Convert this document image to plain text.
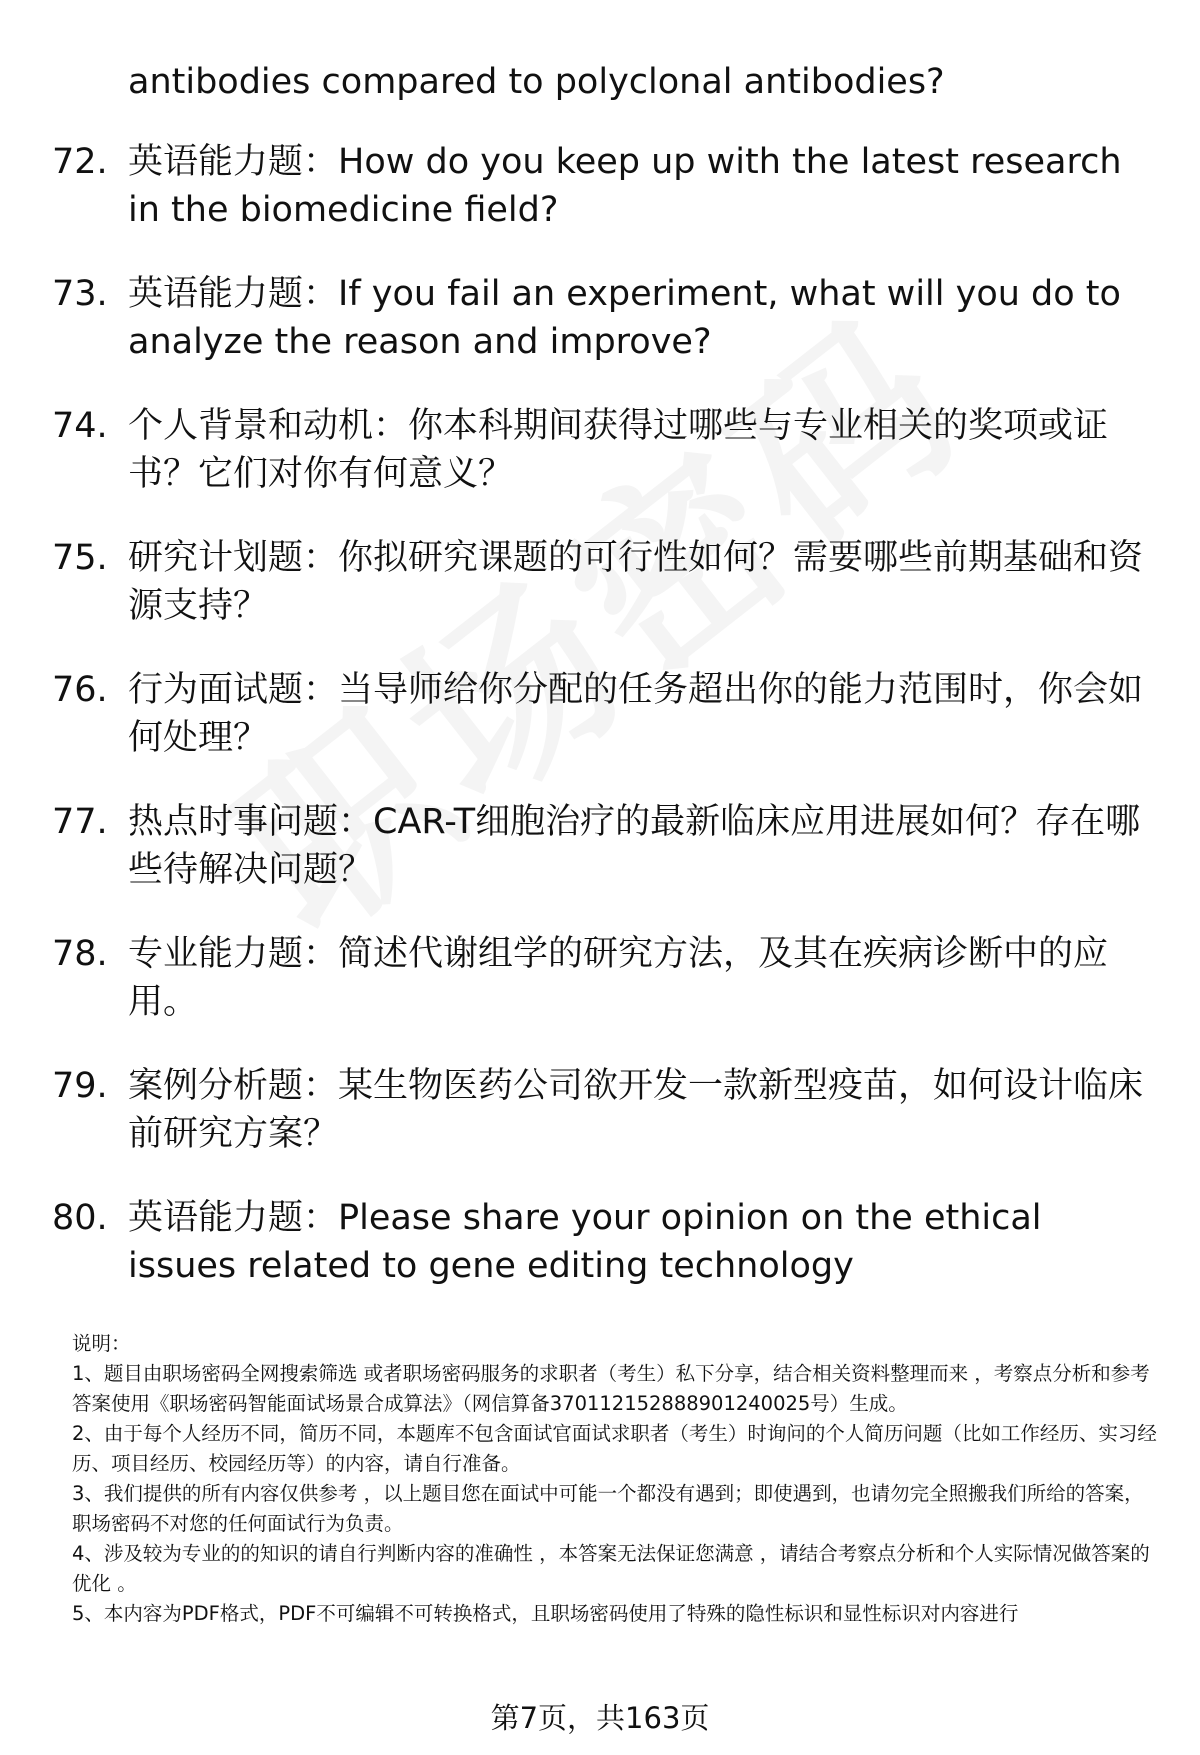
antibodies compared to polyclonal antibodies?
72. 英语能力题：How do you keep up with the latest research in the biomedicine field?
73. 英语能力题：If you fail an experiment, what will you do to analyze the reason and improve?
74. 个人背景和动机：你本科期间获得过哪些与专业相关的奖项或证书？它们对你有何意义？
75. 研究计划题：你拟研究课题的可行性如何？需要哪些前期基础和资源支持？
76. 行为面试题：当导师给你分配的任务超出你的能力范围时，你会如何处理？
77. 热点时事问题：CAR-T细胞治疗的最新临床应用进展如何？存在哪些待解决问题？
78. 专业能力题：简述代谢组学的研究方法，及其在疾病诊断中的应用。
79. 案例分析题：某生物医药公司欲开发一款新型疫苗，如何设计临床前研究方案？
80. 英语能力题：Please share your opinion on the ethical issues related to gene editing technology

说明：

1、题目由职场密码全网搜索筛选 或者职场密码服务的求职者（考生）私下分享，结合相关资料整理而来 ，考察点分析和参考答案使用《职场密码智能面试场景合成算法》（网信算备370112152888901240025号）生成。

2、由于每个人经历不同，简历不同，本题库不包含面试官面试求职者（考生）时询问的个人简历问题（比如工作经历、实习经历、项目经历、校园经历等）的内容，请自行准备。

3、我们提供的所有内容仅供参考 ，以上题目您在面试中可能一个都没有遇到；即使遇到，也请勿完全照搬我们所给的答案，职场密码不对您的任何面试行为负责。

4、涉及较为专业的的知识的请自行判断内容的准确性 ，本答案无法保证您满意 ，请结合考察点分析和个人实际情况做答案的优化 。

5、本内容为PDF格式，PDF不可编辑不可转换格式，且职场密码使用了特殊的隐性标识和显性标识对内容进行

第7页，共163页
